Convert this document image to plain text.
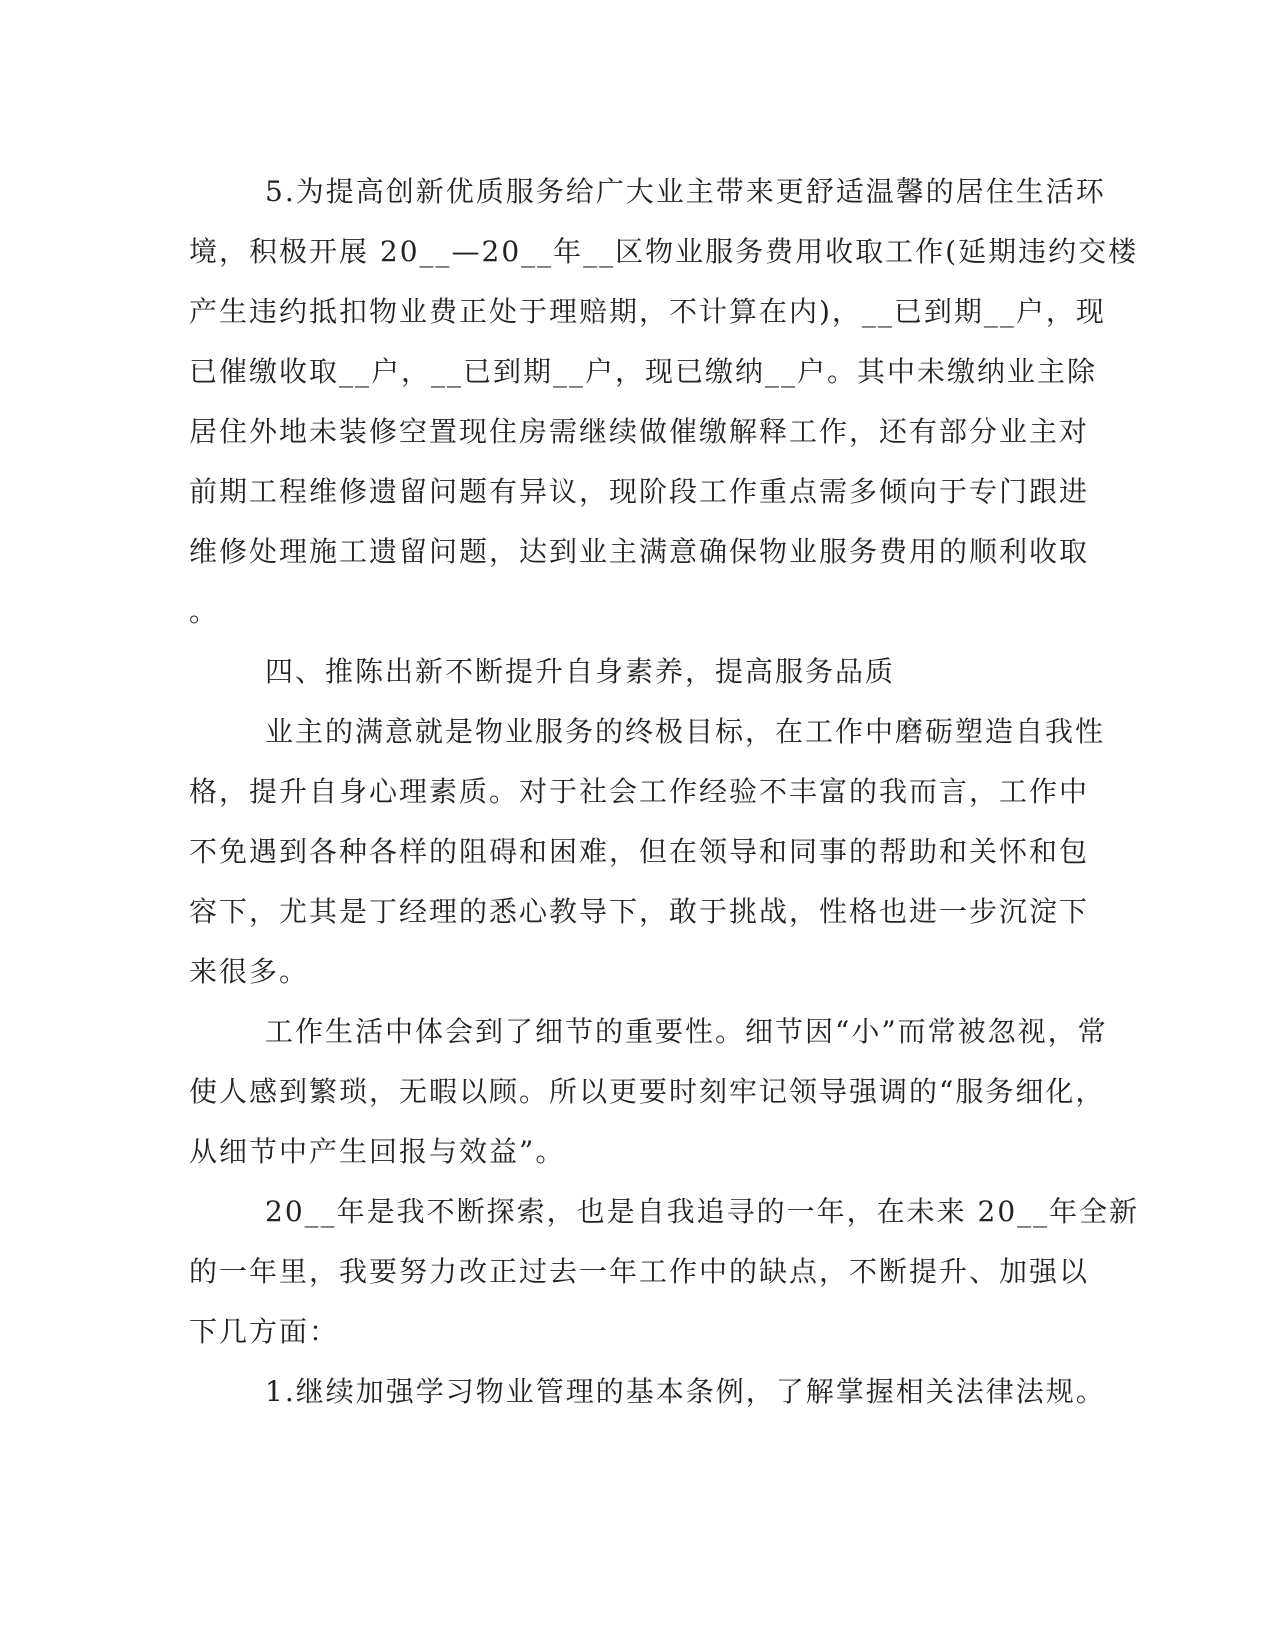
5.为提高创新优质服务给广大业主带来更舒适温馨的居住生活环
境，积极开展 20__—20__年__区物业服务费用收取工作(延期违约交楼
产生违约抵扣物业费正处于理赔期，不计算在内)，__已到期__户，现
已催缴收取__户，__已到期__户，现已缴纳__户。其中未缴纳业主除
居住外地未装修空置现住房需继续做催缴解释工作，还有部分业主对
前期工程维修遗留问题有异议，现阶段工作重点需多倾向于专门跟进
维修处理施工遗留问题，达到业主满意确保物业服务费用的顺利收取
。
四、推陈出新不断提升自身素养，提高服务品质
业主的满意就是物业服务的终极目标，在工作中磨砺塑造自我性
格，提升自身心理素质。对于社会工作经验不丰富的我而言，工作中
不免遇到各种各样的阻碍和困难，但在领导和同事的帮助和关怀和包
容下，尤其是丁经理的悉心教导下，敢于挑战，性格也进一步沉淀下
来很多。
工作生活中体会到了细节的重要性。细节因“小”而常被忽视，常
使人感到繁琐，无暇以顾。所以更要时刻牢记领导强调的“服务细化，
从细节中产生回报与效益”。
20__年是我不断探索，也是自我追寻的一年，在未来 20__年全新
的一年里，我要努力改正过去一年工作中的缺点，不断提升、加强以
下几方面：
1.继续加强学习物业管理的基本条例，了解掌握相关法律法规。
